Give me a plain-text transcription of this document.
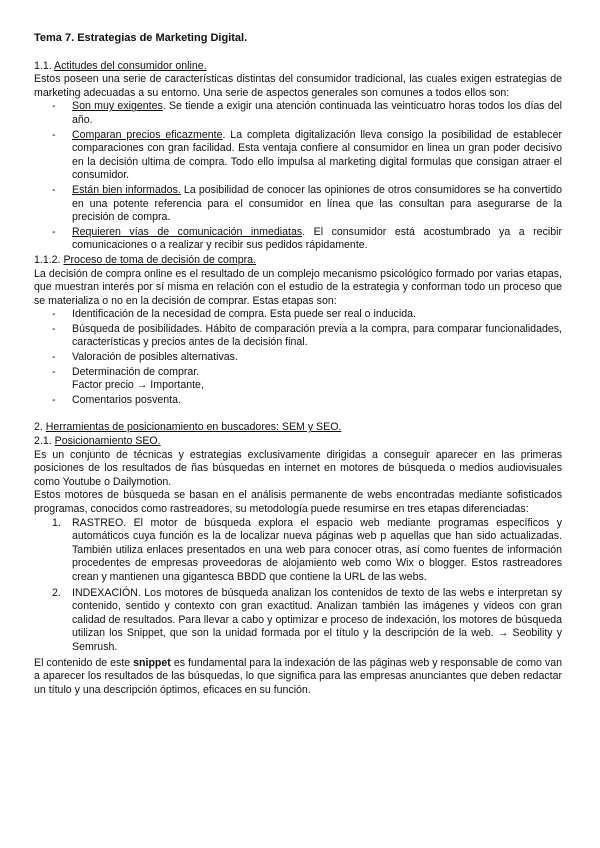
Tema 7. Estrategias de Marketing Digital.

1.1. Actitudes del consumidor online.

Estos poseen una serie de características distintas del consumidor tradicional, las cuales exigen estrategias de marketing adecuadas a su entorno. Una serie de aspectos generales son comunes a todos ellos son:

- Son muy exigentes. Se tiende a exigir una atención continuada las veinticuatro horas todos los días del año.
- Comparan precios eficazmente. La completa digitalización lleva consigo la posibilidad de establecer comparaciones con gran facilidad. Esta ventaja confiere al consumidor en linea un gran poder decisivo en la decisión ultima de compra. Todo ello impulsa al marketing digital formulas que consigan atraer el consumidor.
- Están bien informados. La posibilidad de conocer las opiniones de otros consumidores se ha convertido en una potente referencia para el consumidor en línea que las consultan para asegurarse de la precisión de compra.
- Requieren vías de comunicación inmediatas. El consumidor está acostumbrado ya a recibir comunicaciones o a realizar y recibir sus pedidos rápidamente.

1.1.2. Proceso de toma de decisión de compra.

La decisión de compra online es el resultado de un complejo mecanismo psicológico formado por varias etapas, que muestran interés por sí misma en relación con el estudio de la estrategia y conforman todo un proceso que se materializa o no en la decisión de comprar. Estas etapas son:

- Identificación de la necesidad de compra. Esta puede ser real o inducida.
- Búsqueda de posibilidades. Hábito de comparación previa a la compra, para comparar funcionalidades, características y precios antes de la decisión final.
- Valoración de posibles alternativas.
- Determinación de comprar.
Factor precio → Importante,
- Comentarios posventa.

2. Herramientas de posicionamiento en buscadores: SEM y SEO.

2.1. Posicionamiento SEO.

Es un conjunto de técnicas y estrategias exclusivamente dirigidas a conseguir aparecer en las primeras posiciones de los resultados de ñas búsquedas en internet en motores de búsqueda o medios audiovisuales como Youtube o Dailymotion.

Estos motores de búsqueda se basan en el análisis permanente de webs encontradas mediante sofisticados programas, conocidos como rastreadores, su metodología puede resumirse en tres etapas diferenciadas:

1. RASTREO. El motor de búsqueda explora el espacio web mediante programas específicos y automáticos cuya función es la de localizar nueva páginas web p aquellas que han sido actualizadas. También utiliza enlaces presentados en una web para conocer otras, así como fuentes de información procedentes de empresas proveedoras de alojamiento web como Wix o blogger. Estos rastreadores crean y mantienen una gigantesca BBDD que contiene la URL de las webs.
2. INDEXACIÓN. Los motores de búsqueda analizan los contenidos de texto de las webs e interpretan sy contenido, sentido y contexto con gran exactitud. Analizan también las imágenes y videos con gran calidad de resultados. Para llevar a cabo y optimizar e proceso de indexación, los motores de búsqueda utilizan los Snippet, que son la unidad formada por el título y la descripción de la web. → Seobility y Semrush.

El contenido de este snippet es fundamental para la indexación de las páginas web y responsable de como van a aparecer los resultados de las búsquedas, lo que significa para las empresas anunciantes que deben redactar un título y una descripción óptimos, eficaces en su función.
